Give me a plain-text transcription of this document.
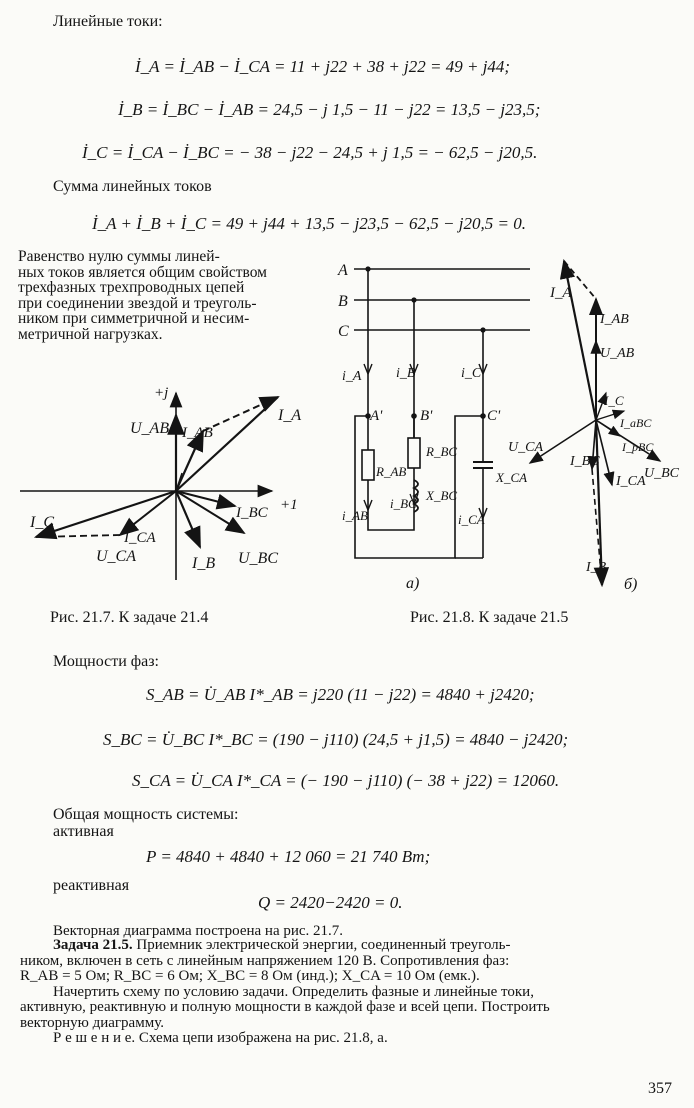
Линейные токи:
İ_A = İ_AB − İ_CA = 11 + j22 + 38 + j22 = 49 + j44;
İ_B = İ_BC − İ_AB = 24,5 − j 1,5 − 11 − j22 = 13,5 − j23,5;
İ_C = İ_CA − İ_BC = − 38 − j22 − 24,5 + j 1,5 = − 62,5 − j20,5.
Сумма линейных токов
İ_A + İ_B + İ_C = 49 + j44 + 13,5 − j23,5 − 62,5 − j20,5 = 0.
Равенство нулю суммы линей-
ных токов является общим свойством
трехфазных трехпроводных цепей
при соединении звездой и треуголь-
ником при симметричной и несим-
метричной нагрузках.
+j
+1
U_AB I_AB
I_A
I_BC
I_C
I_CA
U_CA	I_B U_BC
Рис. 21.7. К задаче 21.4
A
B
C
i_A i_B	i_C
A'	B'	C'
R_AB
i_AB
R_BC
X_BC
i_BC
X_CA
i_CA
а)
I_A
I_AB
U_AB
I_C
I_aBC
I_pBC
U_CA
I_BC
I_CA
U_BC
I_B
б)
Рис. 21.8. К задаче 21.5
Мощности фаз:
S_AB = U̇_AB I*_AB = j220 (11 − j22) = 4840 + j2420;
S_BC = U̇_BC I*_BC = (190 − j110) (24,5 + j1,5) = 4840 − j2420;
S_CA = U̇_CA I*_CA = (− 190 − j110) (− 38 + j22) = 12060.
Общая мощность системы:
активная
P = 4840 + 4840 + 12 060 = 21 740 Вт;
реактивная
Q = 2420−2420 = 0.
Векторная диаграмма построена на рис. 21.7.
Задача 21.5. Приемник электрической энергии, соединенный треуголь-
ником, включен в сеть с линейным напряжением 120 В. Сопротивления фаз:
R_AB = 5 Ом; R_BC = 6 Ом; X_BC = 8 Ом (инд.); X_CA = 10 Ом (емк.).
Начертить схему по условию задачи. Определить фазные и линейные токи,
активную, реактивную и полную мощности в каждой фазе и всей цепи. Построить
векторную диаграмму.
Р е ш е н и е. Схема цепи изображена на рис. 21.8, а.
357
